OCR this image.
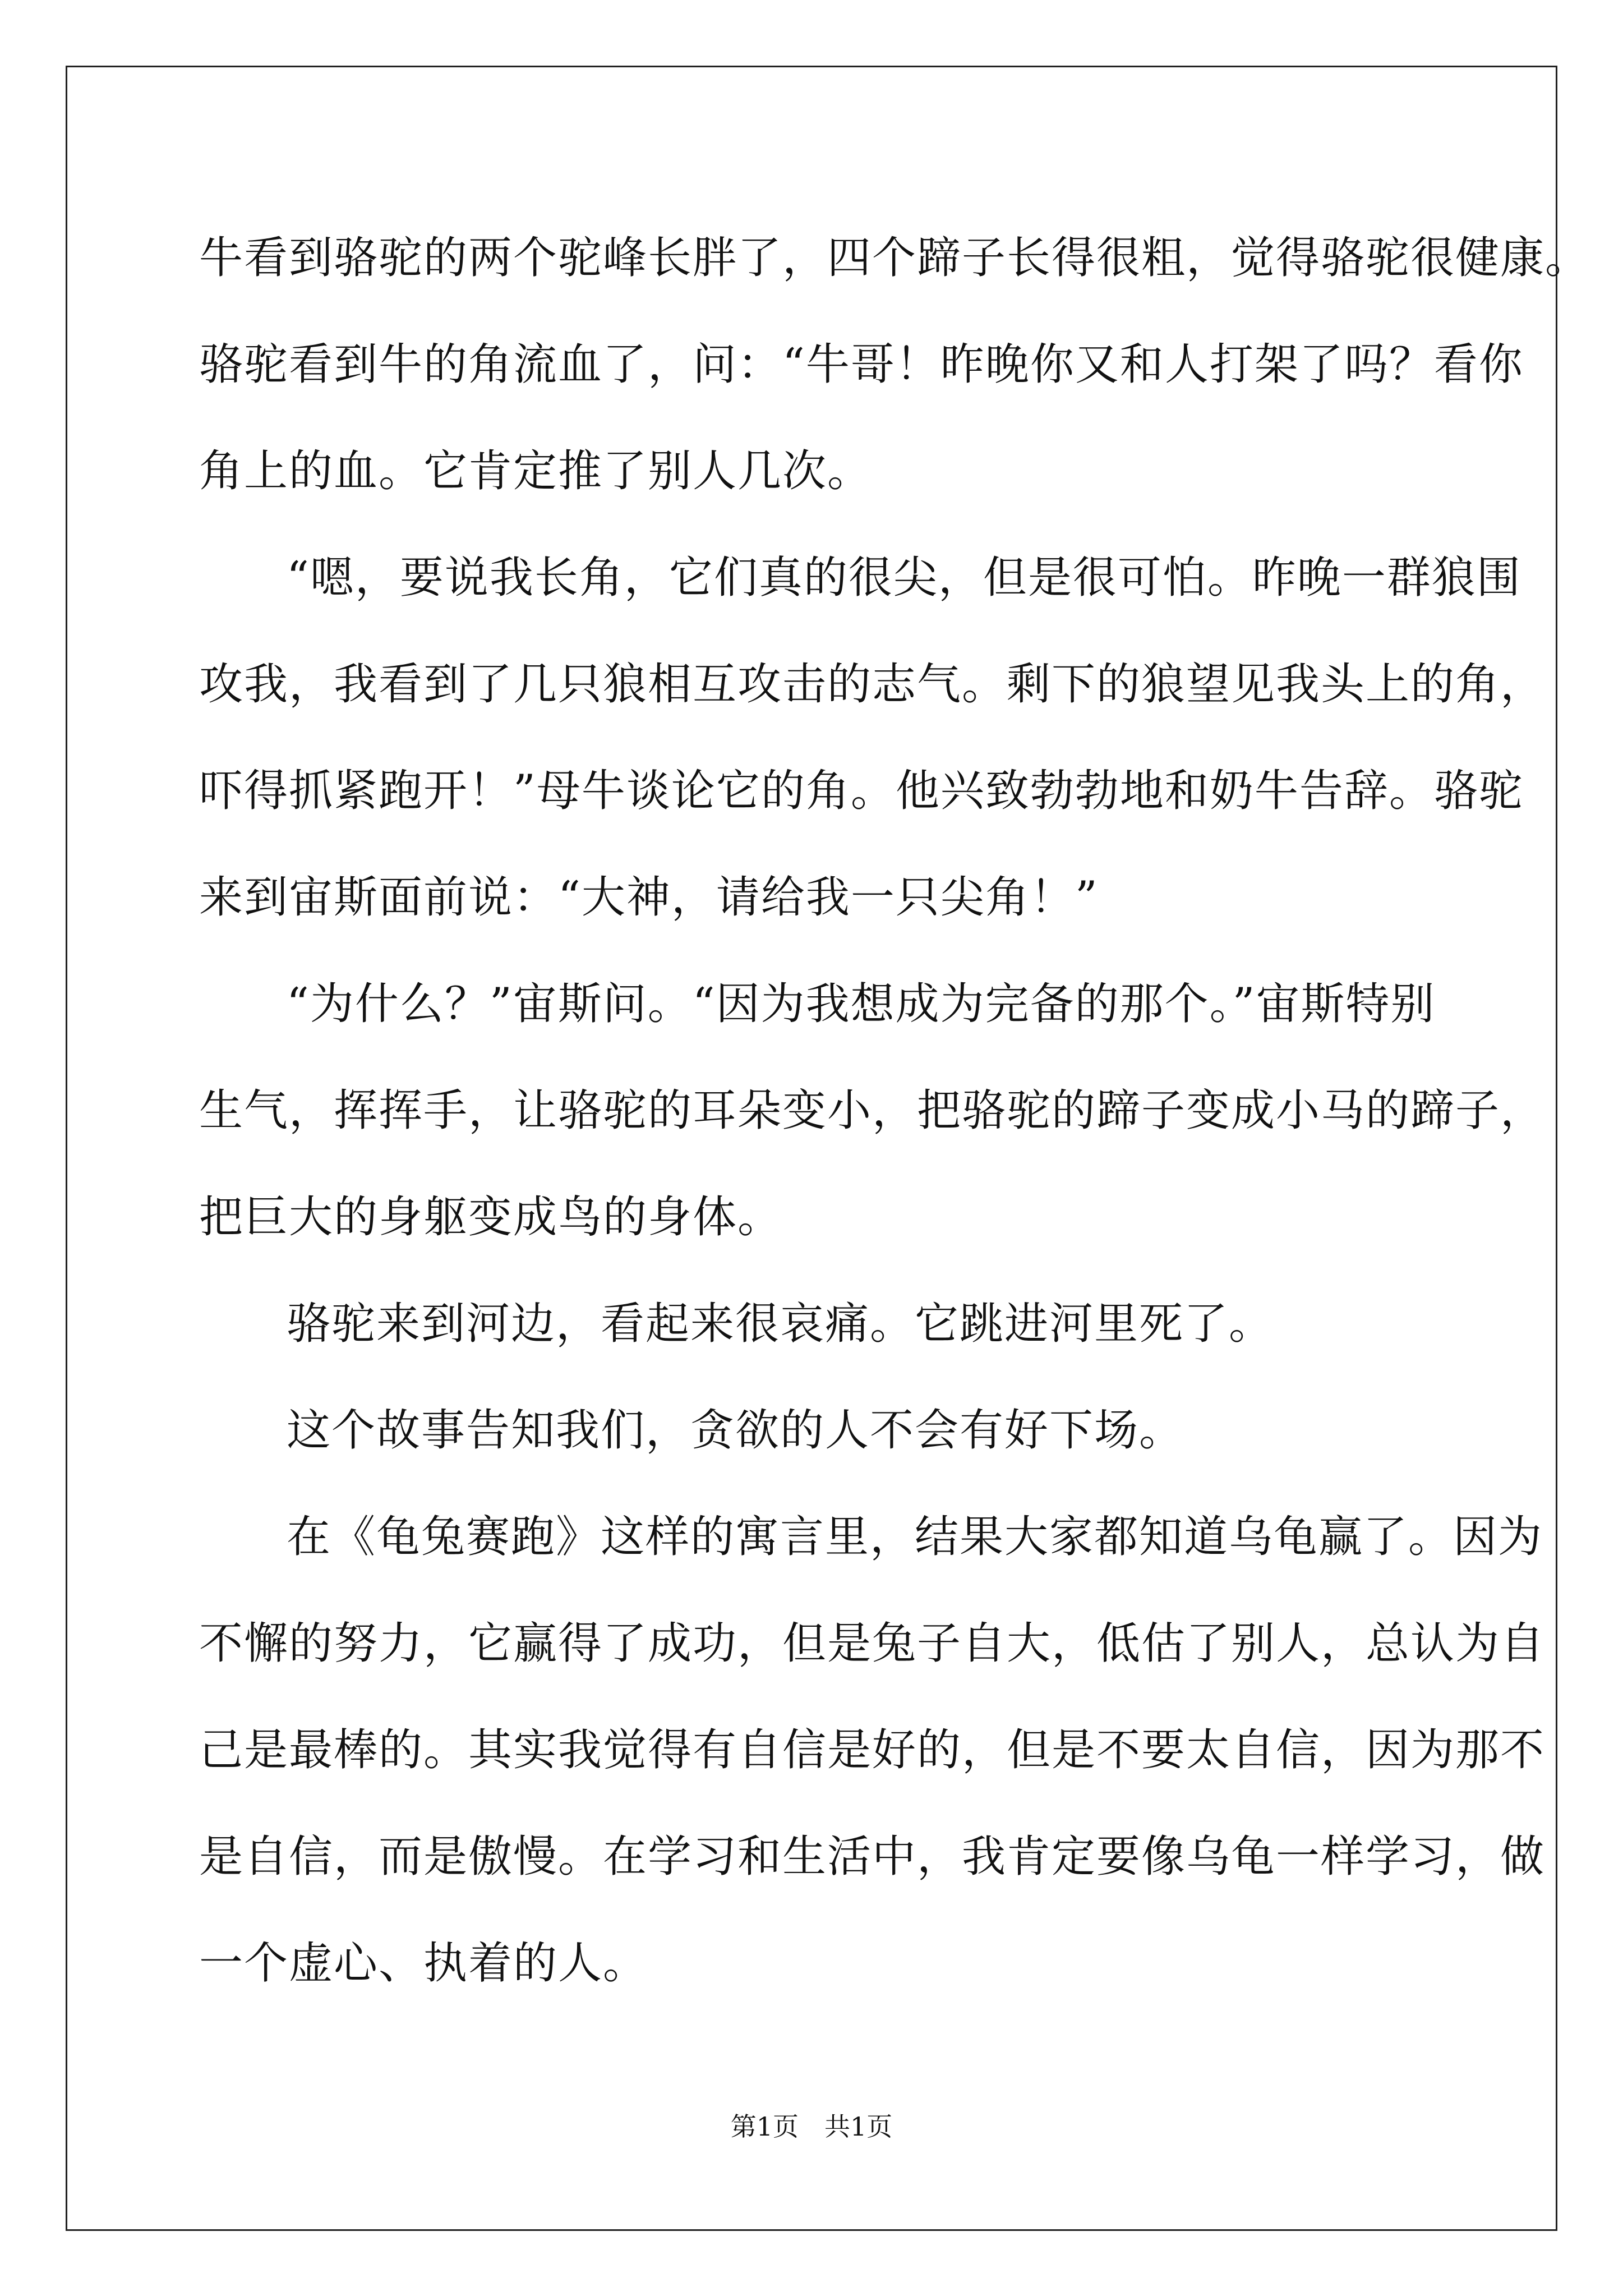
牛看到骆驼的两个驼峰长胖了，四个蹄子长得很粗，觉得骆驼很健康。
骆驼看到牛的角流血了，问：“牛哥！昨晚你又和人打架了吗？看你
角上的血。它肯定推了别人几次。
“嗯，要说我长角，它们真的很尖，但是很可怕。昨晚一群狼围
攻我，我看到了几只狼相互攻击的志气。剩下的狼望见我头上的角，
吓得抓紧跑开！”母牛谈论它的角。他兴致勃勃地和奶牛告辞。骆驼
来到宙斯面前说：“大神，请给我一只尖角！”
“为什么？”宙斯问。“因为我想成为完备的那个。”宙斯特别
生气，挥挥手，让骆驼的耳朵变小，把骆驼的蹄子变成小马的蹄子，
把巨大的身躯变成鸟的身体。
骆驼来到河边，看起来很哀痛。它跳进河里死了。
这个故事告知我们，贪欲的人不会有好下场。
在《龟兔赛跑》这样的寓言里，结果大家都知道乌龟赢了。因为
不懈的努力，它赢得了成功，但是兔子自大，低估了别人，总认为自
己是最棒的。其实我觉得有自信是好的，但是不要太自信，因为那不
是自信，而是傲慢。在学习和生活中，我肯定要像乌龟一样学习，做
一个虚心、执着的人。
第1页　共1页
